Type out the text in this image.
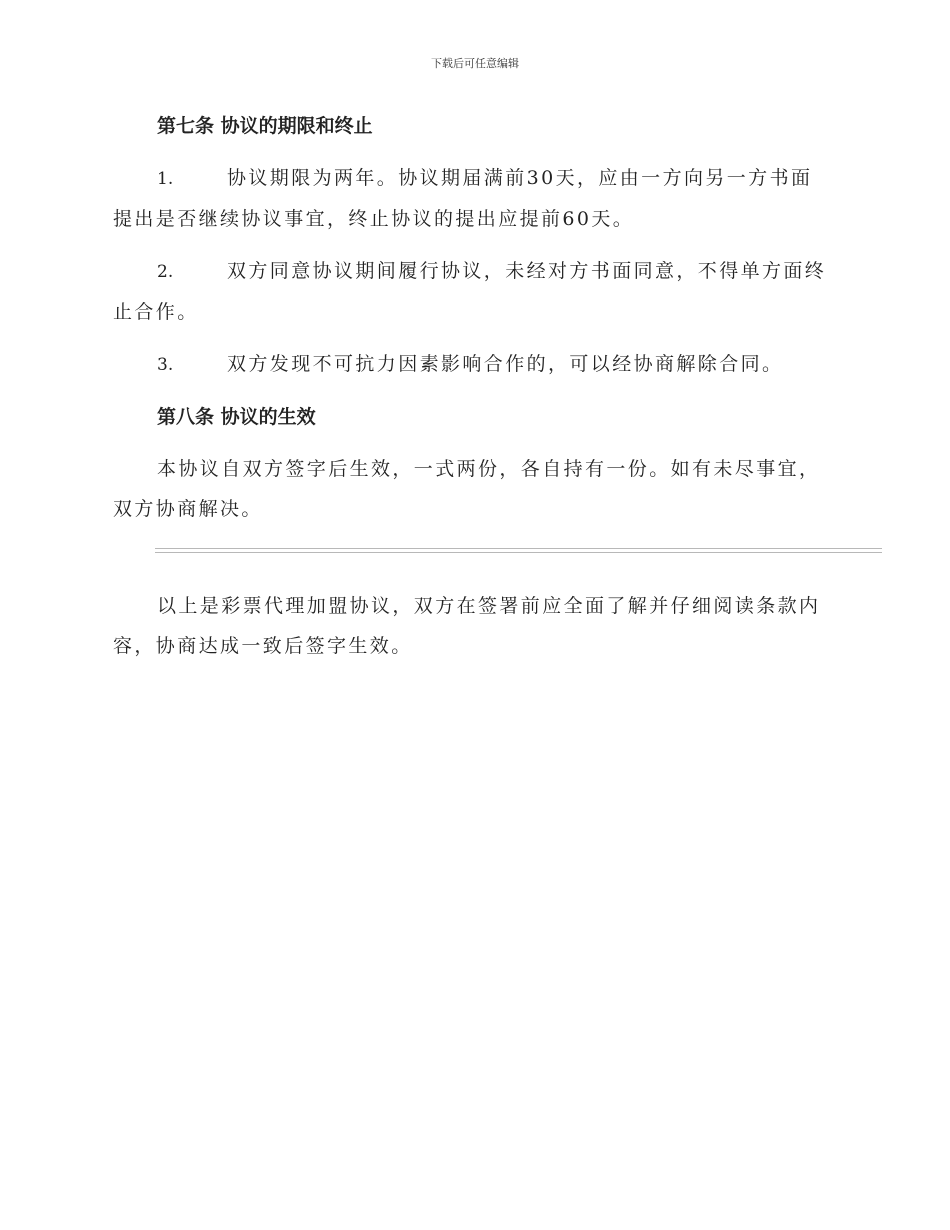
下载后可任意编辑
第七条 协议的期限和终止

1.	协议期限为两年。协议期届满前30天，应由一方向另一方书面提出是否继续协议事宜，终止协议的提出应提前60天。

2.	双方同意协议期间履行协议，未经对方书面同意，不得单方面终止合作。

3.	双方发现不可抗力因素影响合作的，可以经协商解除合同。

第八条 协议的生效

本协议自双方签字后生效，一式两份，各自持有一份。如有未尽事宜，双方协商解决。

以上是彩票代理加盟协议，双方在签署前应全面了解并仔细阅读条款内容，协商达成一致后签字生效。
